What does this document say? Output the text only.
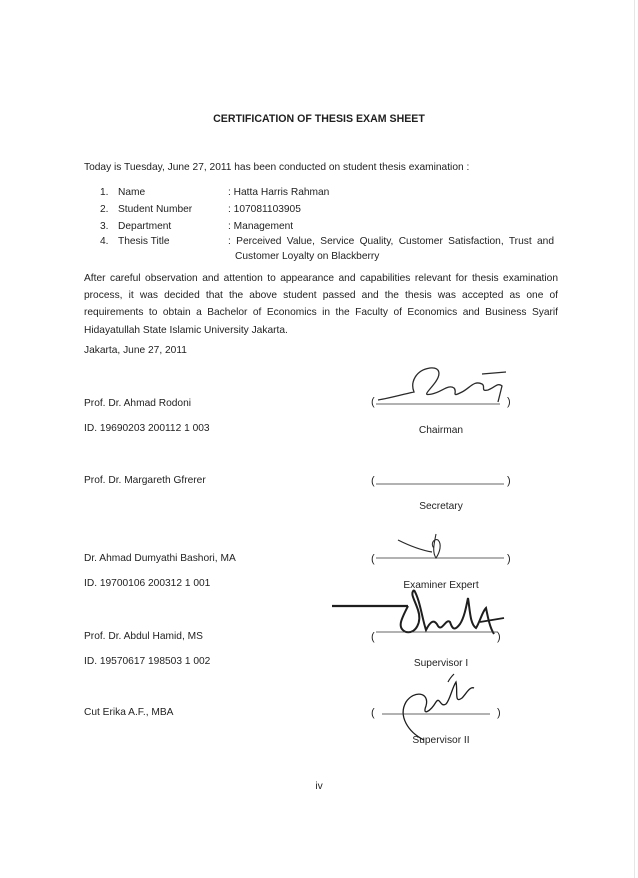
CERTIFICATION OF THESIS EXAM SHEET
Today is Tuesday, June 27, 2011 has been conducted on student thesis examination :
1. Name	: Hatta Harris Rahman
2. Student Number	: 107081103905
3. Department	: Management
4. Thesis Title	: Perceived Value, Service Quality, Customer Satisfaction, Trust and
Customer Loyalty on Blackberry
After careful observation and attention to appearance and capabilities relevant for thesis examination process, it was decided that the above student passed and the thesis was accepted as one of requirements to obtain a Bachelor of Economics in the Faculty of Economics and Business Syarif Hidayatullah State Islamic University Jakarta.
Jakarta, June 27, 2011
Prof. Dr. Ahmad Rodoni
ID. 19690203 200112 1 003
(	)
Chairman
Prof. Dr. Margareth Gfrerer	(	)
Secretary
Dr. Ahmad Dumyathi Bashori, MA
ID. 19700106 200312 1 001
(	)
Examiner Expert
Prof. Dr. Abdul Hamid, MS
ID. 19570617 198503 1 002
(	)
Supervisor I
Cut Erika A.F., MBA	(	)
Supervisor II
iv
